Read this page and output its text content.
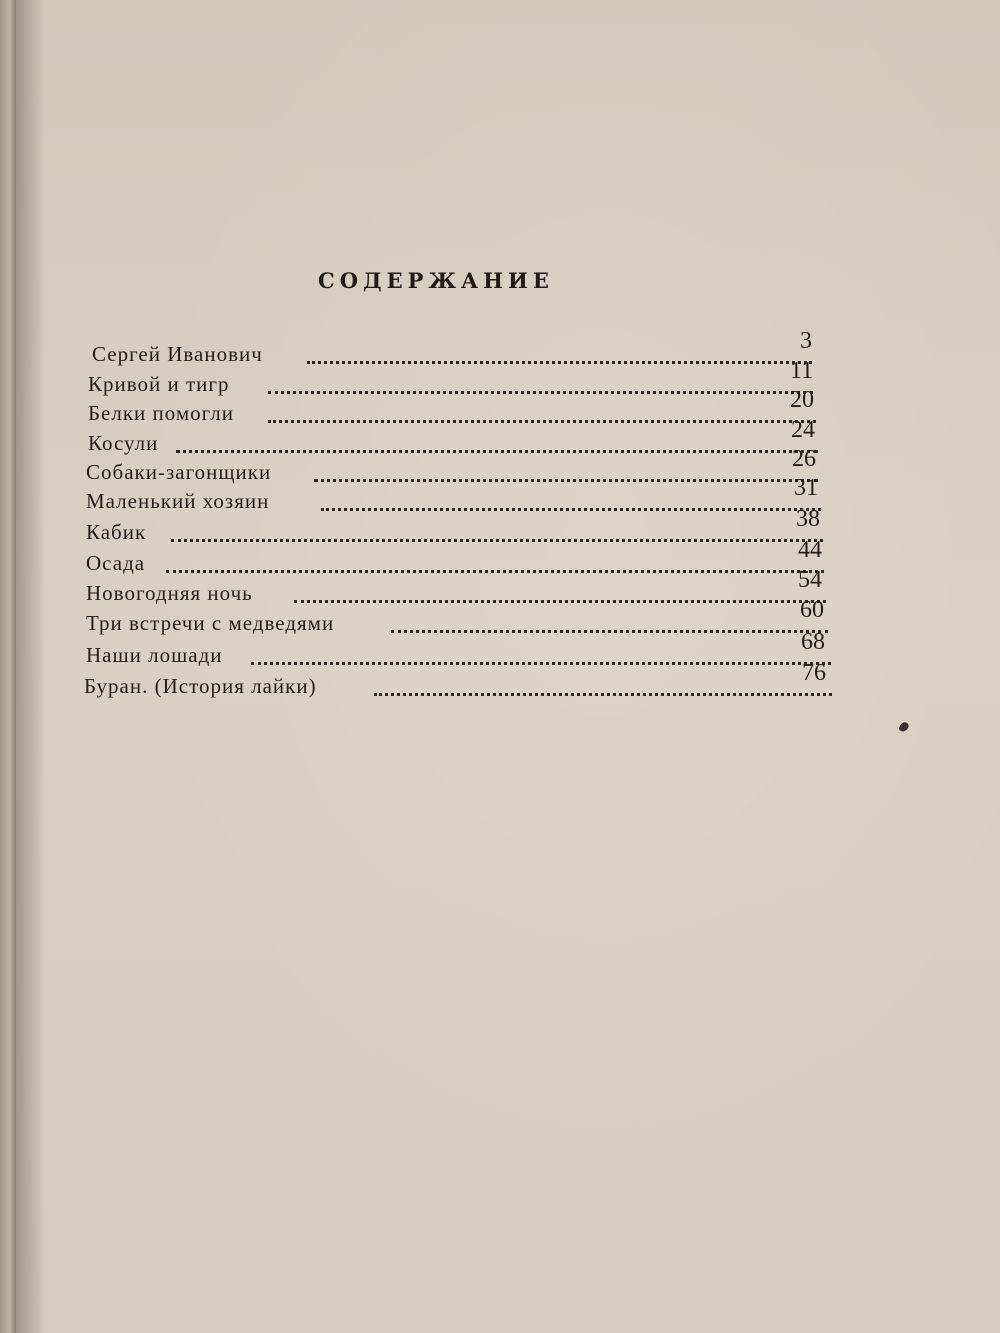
СОДЕРЖАНИЕ
Сергей Иванович	3
Кривой и тигр	11
Белки помогли	20
Косули	24
Собаки-загонщики	26
Маленький хозяин	31
Кабик	38
Осада	44
Новогодняя ночь	54
Три встречи с медведями	60
Наши лошади	68
Буран. (История лайки)	76
